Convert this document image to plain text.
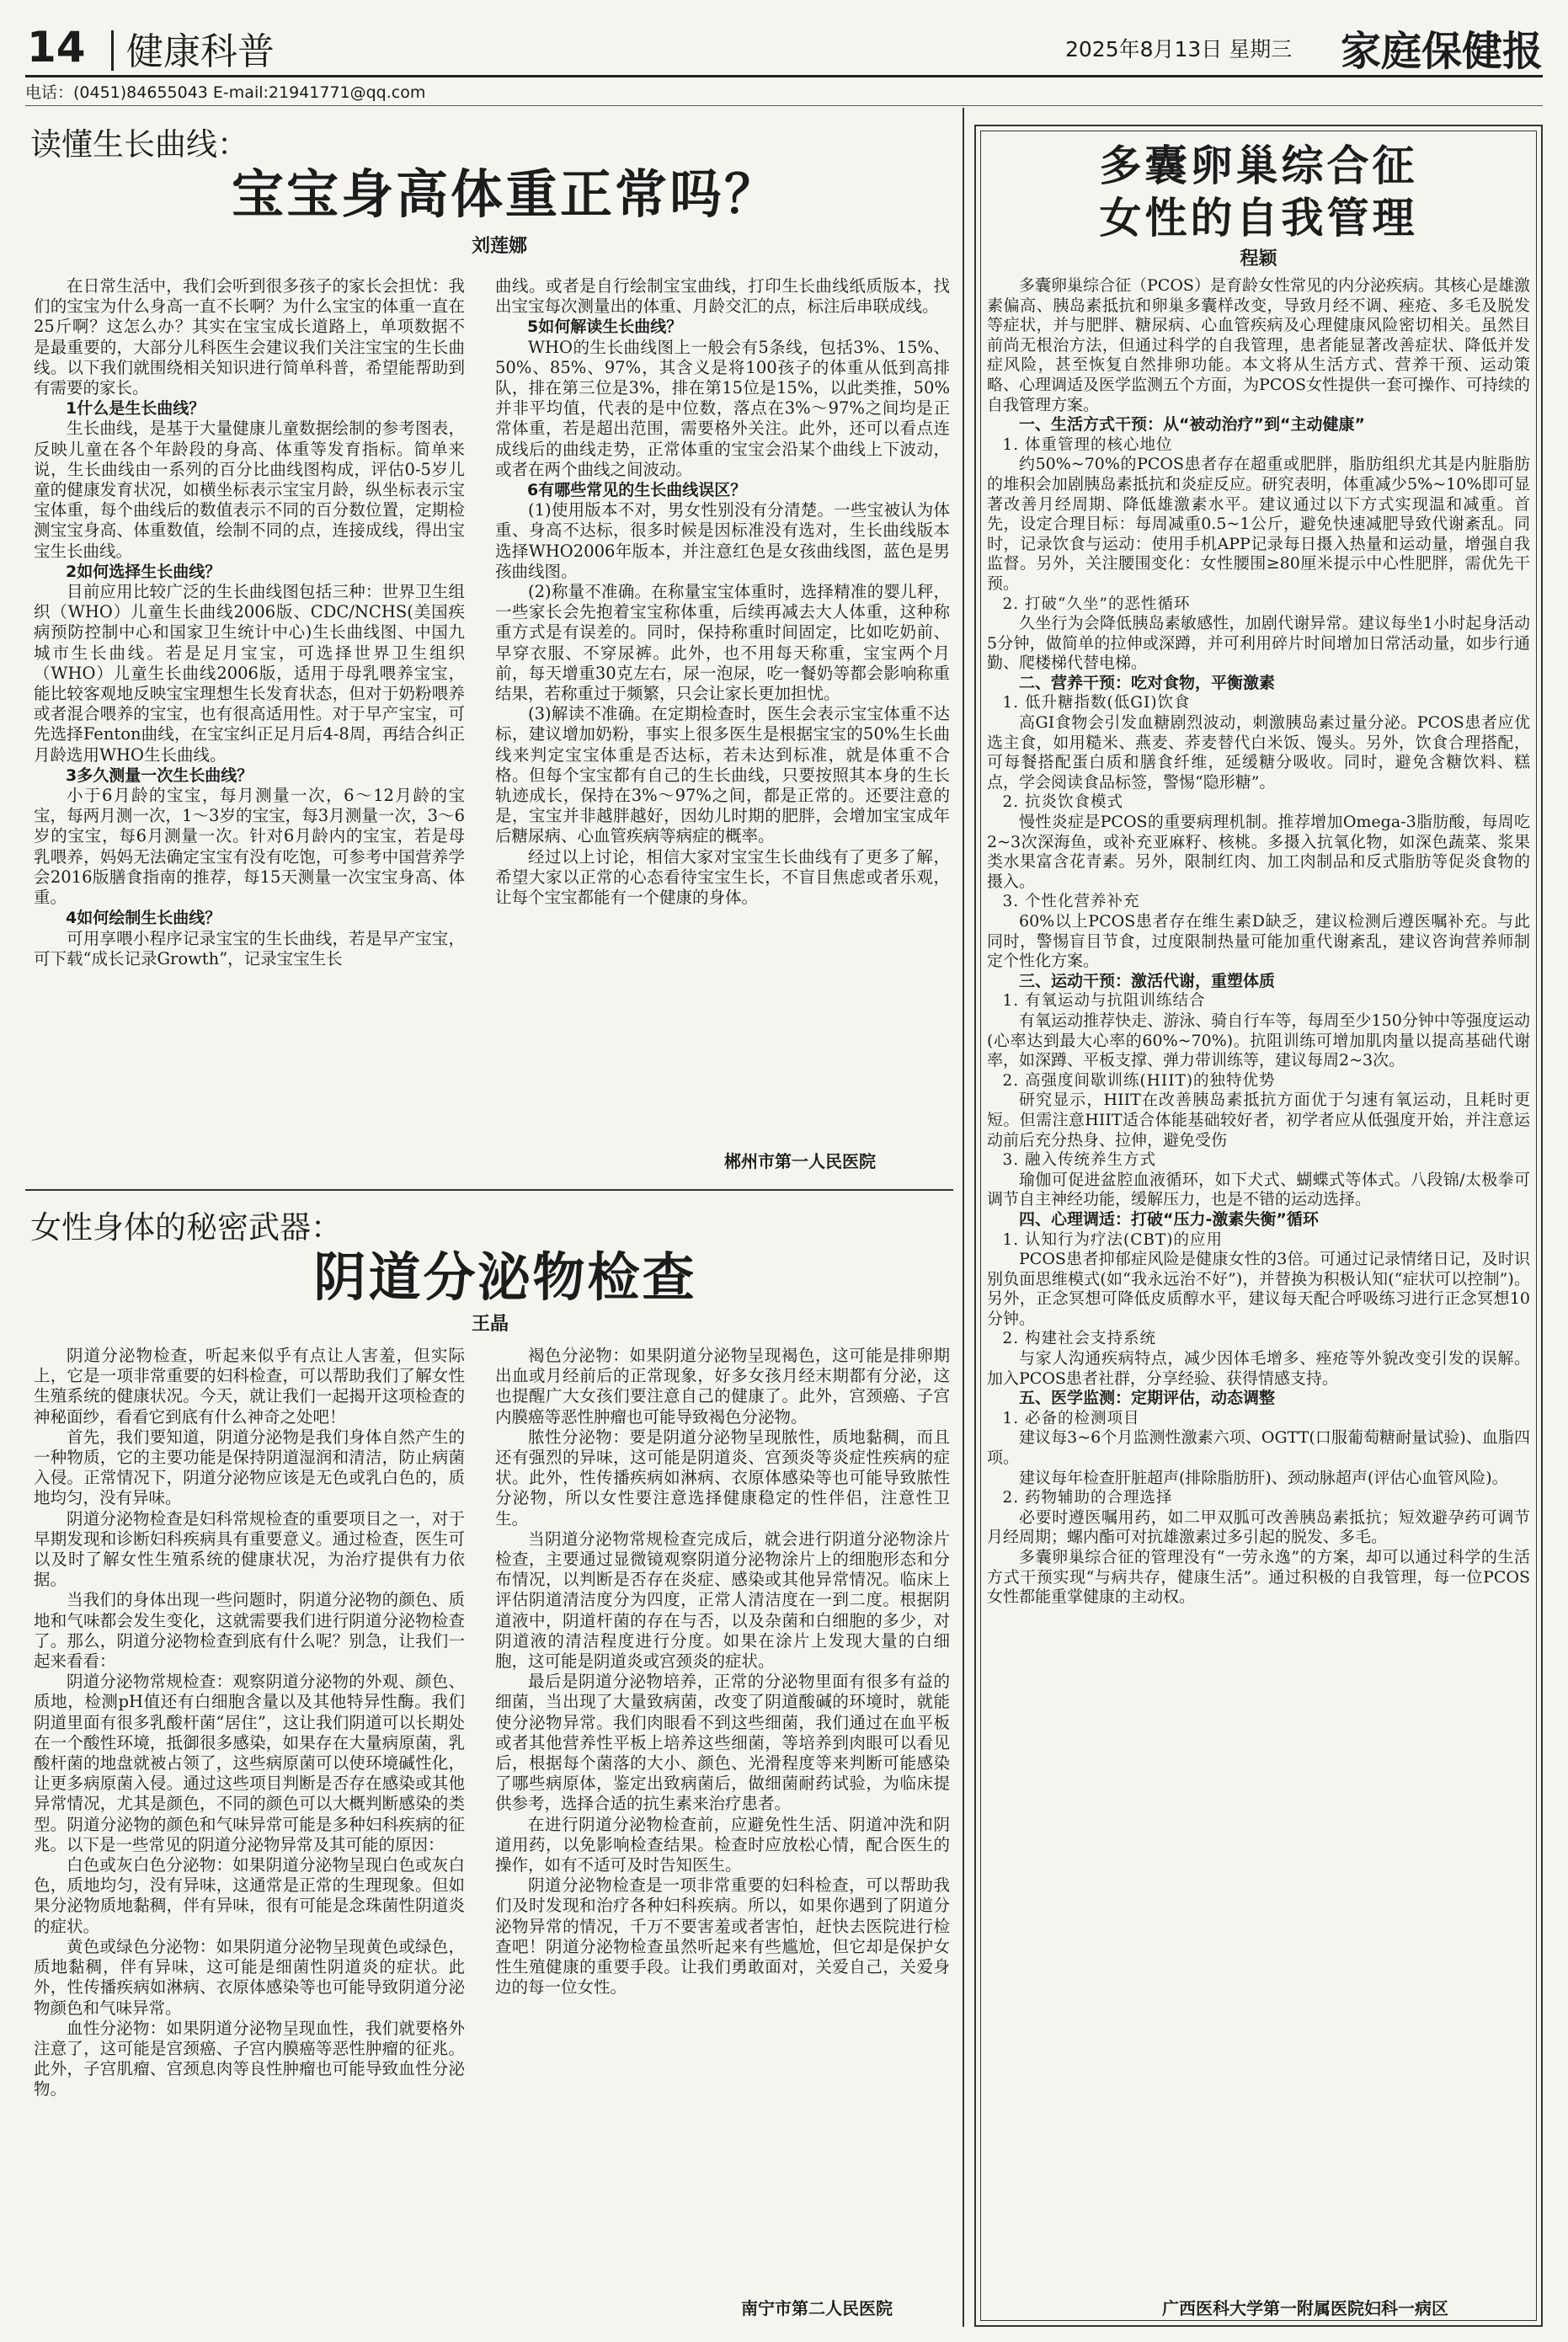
14 健康科普	2025年8月13日 星期三 家庭保健报
电话：(0451)84655043 E-mail:21941771@qq.com
读懂生长曲线：
宝宝身高体重正常吗？
刘莲娜

在日常生活中，我们会听到很多孩子的家长会担忧：我们的宝宝为什么身高一直不长啊？为什么宝宝的体重一直在25斤啊？这怎么办？其实在宝宝成长道路上，单项数据不是最重要的，大部分儿科医生会建议我们关注宝宝的生长曲线。以下我们就围绕相关知识进行简单科普，希望能帮助到有需要的家长。

1什么是生长曲线？

生长曲线，是基于大量健康儿童数据绘制的参考图表，反映儿童在各个年龄段的身高、体重等发育指标。简单来说，生长曲线由一系列的百分比曲线图构成，评估0-5岁儿童的健康发育状况，如横坐标表示宝宝月龄，纵坐标表示宝宝体重，每个曲线后的数值表示不同的百分数位置，定期检测宝宝身高、体重数值，绘制不同的点，连接成线，得出宝宝生长曲线。

2如何选择生长曲线？

目前应用比较广泛的生长曲线图包括三种：世界卫生组织（WHO）儿童生长曲线2006版、CDC/NCHS(美国疾病预防控制中心和国家卫生统计中心)生长曲线图、中国九城市生长曲线。若是足月宝宝，可选择世界卫生组织（WHO）儿童生长曲线2006版，适用于母乳喂养宝宝，能比较客观地反映宝宝理想生长发育状态，但对于奶粉喂养或者混合喂养的宝宝，也有很高适用性。对于早产宝宝，可先选择Fenton曲线，在宝宝纠正足月后4-8周，再结合纠正月龄选用WHO生长曲线。

3多久测量一次生长曲线？

小于6月龄的宝宝，每月测量一次，6～12月龄的宝宝，每两月测一次，1～3岁的宝宝，每3月测量一次，3～6岁的宝宝，每6月测量一次。针对6月龄内的宝宝，若是母乳喂养，妈妈无法确定宝宝有没有吃饱，可参考中国营养学会2016版膳食指南的推荐，每15天测量一次宝宝身高、体重。

4如何绘制生长曲线？

可用享喂小程序记录宝宝的生长曲线，若是早产宝宝，可下载“成长记录Growth”，记录宝宝生长

曲线。或者是自行绘制宝宝曲线，打印生长曲线纸质版本，找出宝宝每次测量出的体重、月龄交汇的点，标注后串联成线。

5如何解读生长曲线？

WHO的生长曲线图上一般会有5条线，包括3%、15%、50%、85%、97%，其含义是将100孩子的体重从低到高排队，排在第三位是3%，排在第15位是15%，以此类推，50%并非平均值，代表的是中位数，落点在3%～97%之间均是正常体重，若是超出范围，需要格外关注。此外，还可以看点连成线后的曲线走势，正常体重的宝宝会沿某个曲线上下波动，或者在两个曲线之间波动。

6有哪些常见的生长曲线误区？

(1)使用版本不对，男女性别没有分清楚。一些宝被认为体重、身高不达标，很多时候是因标准没有选对，生长曲线版本选择WHO2006年版本，并注意红色是女孩曲线图，蓝色是男孩曲线图。

(2)称量不准确。在称量宝宝体重时，选择精准的婴儿秤，一些家长会先抱着宝宝称体重，后续再减去大人体重，这种称重方式是有误差的。同时，保持称重时间固定，比如吃奶前、早穿衣服、不穿尿裤。此外，也不用每天称重，宝宝两个月前，每天增重30克左右，尿一泡尿，吃一餐奶等都会影响称重结果，若称重过于频繁，只会让家长更加担忧。

(3)解读不准确。在定期检查时，医生会表示宝宝体重不达标，建议增加奶粉，事实上很多医生是根据宝宝的50%生长曲线来判定宝宝体重是否达标，若未达到标准，就是体重不合格。但每个宝宝都有自己的生长曲线，只要按照其本身的生长轨迹成长，保持在3%～97%之间，都是正常的。还要注意的是，宝宝并非越胖越好，因幼儿时期的肥胖，会增加宝宝成年后糖尿病、心血管疾病等病症的概率。

经过以上讨论，相信大家对宝宝生长曲线有了更多了解，希望大家以正常的心态看待宝宝生长，不盲目焦虑或者乐观，让每个宝宝都能有一个健康的身体。

郴州市第一人民医院
女性身体的秘密武器：
阴道分泌物检查
王晶

阴道分泌物检查，听起来似乎有点让人害羞，但实际上，它是一项非常重要的妇科检查，可以帮助我们了解女性生殖系统的健康状况。今天，就让我们一起揭开这项检查的神秘面纱，看看它到底有什么神奇之处吧！

首先，我们要知道，阴道分泌物是我们身体自然产生的一种物质，它的主要功能是保持阴道湿润和清洁，防止病菌入侵。正常情况下，阴道分泌物应该是无色或乳白色的，质地均匀，没有异味。

阴道分泌物检查是妇科常规检查的重要项目之一，对于早期发现和诊断妇科疾病具有重要意义。通过检查，医生可以及时了解女性生殖系统的健康状况，为治疗提供有力依据。

当我们的身体出现一些问题时，阴道分泌物的颜色、质地和气味都会发生变化，这就需要我们进行阴道分泌物检查了。那么，阴道分泌物检查到底有什么呢？别急，让我们一起来看看：

阴道分泌物常规检查：观察阴道分泌物的外观、颜色、质地，检测pH值还有白细胞含量以及其他特异性酶。我们阴道里面有很多乳酸杆菌“居住”，这让我们阴道可以长期处在一个酸性环境，抵御很多感染，如果存在大量病原菌，乳酸杆菌的地盘就被占领了，这些病原菌可以使环境碱性化，让更多病原菌入侵。通过这些项目判断是否存在感染或其他异常情况，尤其是颜色，不同的颜色可以大概判断感染的类型。阴道分泌物的颜色和气味异常可能是多种妇科疾病的征兆。以下是一些常见的阴道分泌物异常及其可能的原因：

白色或灰白色分泌物：如果阴道分泌物呈现白色或灰白色，质地均匀，没有异味，这通常是正常的生理现象。但如果分泌物质地黏稠，伴有异味，很有可能是念珠菌性阴道炎的症状。

黄色或绿色分泌物：如果阴道分泌物呈现黄色或绿色，质地黏稠，伴有异味，这可能是细菌性阴道炎的症状。此外，性传播疾病如淋病、衣原体感染等也可能导致阴道分泌物颜色和气味异常。

血性分泌物：如果阴道分泌物呈现血性，我们就要格外注意了，这可能是宫颈癌、子宫内膜癌等恶性肿瘤的征兆。此外，子宫肌瘤、宫颈息肉等良性肿瘤也可能导致血性分泌物。

褐色分泌物：如果阴道分泌物呈现褐色，这可能是排卵期出血或月经前后的正常现象，好多女孩月经末期都有分泌，这也提醒广大女孩们要注意自己的健康了。此外，宫颈癌、子宫内膜癌等恶性肿瘤也可能导致褐色分泌物。

脓性分泌物：要是阴道分泌物呈现脓性，质地黏稠，而且还有强烈的异味，这可能是阴道炎、宫颈炎等炎症性疾病的症状。此外，性传播疾病如淋病、衣原体感染等也可能导致脓性分泌物，所以女性要注意选择健康稳定的性伴侣，注意性卫生。

当阴道分泌物常规检查完成后，就会进行阴道分泌物涂片检查，主要通过显微镜观察阴道分泌物涂片上的细胞形态和分布情况，以判断是否存在炎症、感染或其他异常情况。临床上评估阴道清洁度分为四度，正常人清洁度在一到二度。根据阴道液中，阴道杆菌的存在与否，以及杂菌和白细胞的多少，对阴道液的清洁程度进行分度。如果在涂片上发现大量的白细胞，这可能是阴道炎或宫颈炎的症状。

最后是阴道分泌物培养，正常的分泌物里面有很多有益的细菌，当出现了大量致病菌，改变了阴道酸碱的环境时，就能使分泌物异常。我们肉眼看不到这些细菌，我们通过在血平板或者其他营养性平板上培养这些细菌，等培养到肉眼可以看见后，根据每个菌落的大小、颜色、光滑程度等来判断可能感染了哪些病原体，鉴定出致病菌后，做细菌耐药试验，为临床提供参考，选择合适的抗生素来治疗患者。

在进行阴道分泌物检查前，应避免性生活、阴道冲洗和阴道用药，以免影响检查结果。检查时应放松心情，配合医生的操作，如有不适可及时告知医生。

阴道分泌物检查是一项非常重要的妇科检查，可以帮助我们及时发现和治疗各种妇科疾病。所以，如果你遇到了阴道分泌物异常的情况，千万不要害羞或者害怕，赶快去医院进行检查吧！阴道分泌物检查虽然听起来有些尴尬，但它却是保护女性生殖健康的重要手段。让我们勇敢面对，关爱自己，关爱身边的每一位女性。

南宁市第二人民医院
多囊卵巢综合征
女性的自我管理
程颖

多囊卵巢综合征（PCOS）是育龄女性常见的内分泌疾病。其核心是雄激素偏高、胰岛素抵抗和卵巢多囊样改变，导致月经不调、痤疮、多毛及脱发等症状，并与肥胖、糖尿病、心血管疾病及心理健康风险密切相关。虽然目前尚无根治方法，但通过科学的自我管理，患者能显著改善症状、降低并发症风险，甚至恢复自然排卵功能。本文将从生活方式、营养干预、运动策略、心理调适及医学监测五个方面，为PCOS女性提供一套可操作、可持续的自我管理方案。

一、生活方式干预：从“被动治疗”到“主动健康”

1. 体重管理的核心地位

约50%~70%的PCOS患者存在超重或肥胖，脂肪组织尤其是内脏脂肪的堆积会加剧胰岛素抵抗和炎症反应。研究表明，体重减少5%~10%即可显著改善月经周期、降低雄激素水平。建议通过以下方式实现温和减重。首先，设定合理目标：每周减重0.5~1公斤，避免快速减肥导致代谢紊乱。同时，记录饮食与运动：使用手机APP记录每日摄入热量和运动量，增强自我监督。另外，关注腰围变化：女性腰围≥80厘米提示中心性肥胖，需优先干预。

2. 打破“久坐”的恶性循环

久坐行为会降低胰岛素敏感性，加剧代谢异常。建议每坐1小时起身活动5分钟，做简单的拉伸或深蹲，并可利用碎片时间增加日常活动量，如步行通勤、爬楼梯代替电梯。

二、营养干预：吃对食物，平衡激素

1. 低升糖指数(低GI)饮食

高GI食物会引发血糖剧烈波动，刺激胰岛素过量分泌。PCOS患者应优选主食，如用糙米、燕麦、荞麦替代白米饭、馒头。另外，饮食合理搭配，可每餐搭配蛋白质和膳食纤维，延缓糖分吸收。同时，避免含糖饮料、糕点，学会阅读食品标签，警惕“隐形糖”。

2. 抗炎饮食模式

慢性炎症是PCOS的重要病理机制。推荐增加Omega-3脂肪酸，每周吃2~3次深海鱼，或补充亚麻籽、核桃。多摄入抗氧化物，如深色蔬菜、浆果类水果富含花青素。另外，限制红肉、加工肉制品和反式脂肪等促炎食物的摄入。

3. 个性化营养补充

60%以上PCOS患者存在维生素D缺乏，建议检测后遵医嘱补充。与此同时，警惕盲目节食，过度限制热量可能加重代谢紊乱，建议咨询营养师制定个性化方案。

三、运动干预：激活代谢，重塑体质

1. 有氧运动与抗阻训练结合

有氧运动推荐快走、游泳、骑自行车等，每周至少150分钟中等强度运动(心率达到最大心率的60%~70%)。抗阻训练可增加肌肉量以提高基础代谢率，如深蹲、平板支撑、弹力带训练等，建议每周2~3次。

2. 高强度间歇训练(HIIT)的独特优势

研究显示，HIIT在改善胰岛素抵抗方面优于匀速有氧运动，且耗时更短。但需注意HIIT适合体能基础较好者，初学者应从低强度开始，并注意运动前后充分热身、拉伸，避免受伤

3. 融入传统养生方式

瑜伽可促进盆腔血液循环，如下犬式、蝴蝶式等体式。八段锦/太极拳可调节自主神经功能，缓解压力，也是不错的运动选择。

四、心理调适：打破“压力-激素失衡”循环

1. 认知行为疗法(CBT)的应用

PCOS患者抑郁症风险是健康女性的3倍。可通过记录情绪日记，及时识别负面思维模式(如“我永远治不好”)，并替换为积极认知(“症状可以控制”)。另外，正念冥想可降低皮质醇水平，建议每天配合呼吸练习进行正念冥想10分钟。

2. 构建社会支持系统

与家人沟通疾病特点，减少因体毛增多、痤疮等外貌改变引发的误解。加入PCOS患者社群，分享经验、获得情感支持。

五、医学监测：定期评估，动态调整

1. 必备的检测项目

建议每3~6个月监测性激素六项、OGTT(口服葡萄糖耐量试验)、血脂四项。

建议每年检查肝脏超声(排除脂肪肝)、颈动脉超声(评估心血管风险)。

2. 药物辅助的合理选择

必要时遵医嘱用药，如二甲双胍可改善胰岛素抵抗；短效避孕药可调节月经周期；螺内酯可对抗雄激素过多引起的脱发、多毛。

多囊卵巢综合征的管理没有“一劳永逸”的方案，却可以通过科学的生活方式干预实现“与病共存，健康生活”。通过积极的自我管理，每一位PCOS女性都能重掌健康的主动权。

广西医科大学第一附属医院妇科一病区
